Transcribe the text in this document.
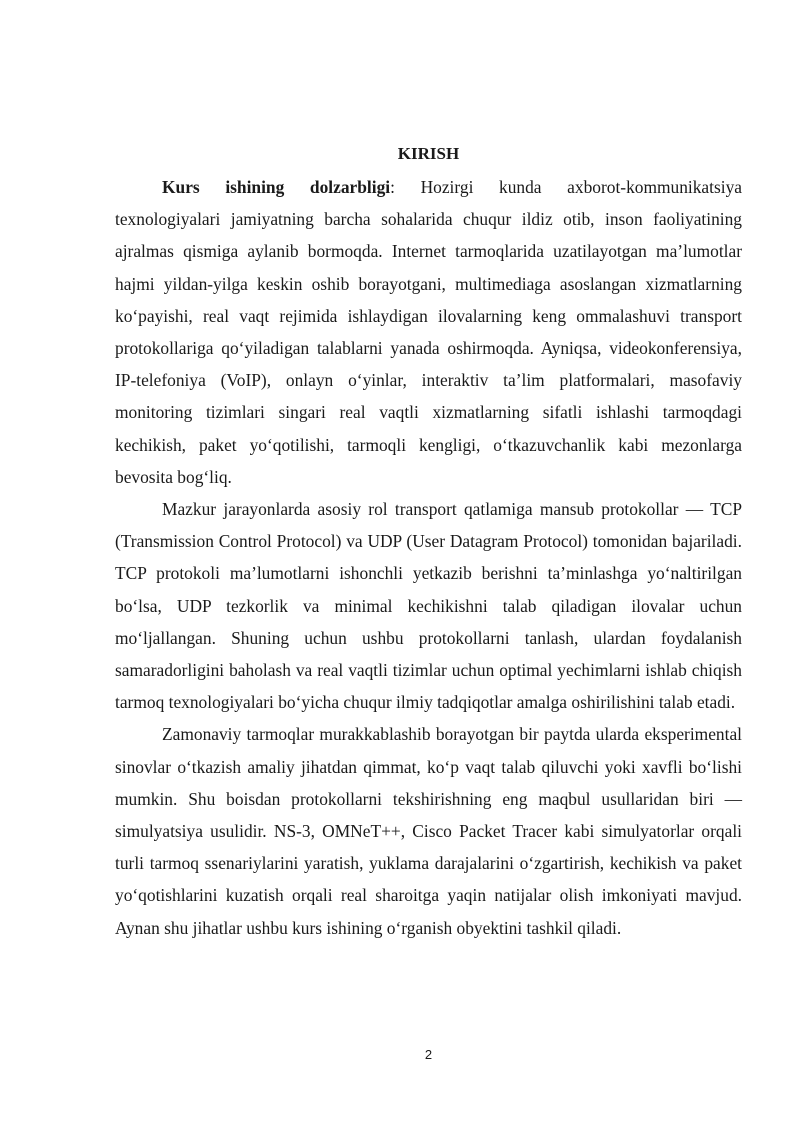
KIRISH

Kurs ishining dolzarbligi: Hozirgi kunda axborot-kommunikatsiya texnologiyalari jamiyatning barcha sohalarida chuqur ildiz otib, inson faoliyatining ajralmas qismiga aylanib bormoqda. Internet tarmoqlarida uzatilayotgan ma’lumotlar hajmi yildan-yilga keskin oshib borayotgani, multimediaga asoslangan xizmatlarning ko‘payishi, real vaqt rejimida ishlaydigan ilovalarning keng ommalashuvi transport protokollariga qo‘yiladigan talablarni yanada oshirmoqda. Ayniqsa, videokonferensiya, IP-telefoniya (VoIP), onlayn o‘yinlar, interaktiv ta’lim platformalari, masofaviy monitoring tizimlari singari real vaqtli xizmatlarning sifatli ishlashi tarmoqdagi kechikish, paket yo‘qotilishi, tarmoqli kengligi, o‘tkazuvchanlik kabi mezonlarga bevosita bog‘liq.

Mazkur jarayonlarda asosiy rol transport qatlamiga mansub protokollar — TCP (Transmission Control Protocol) va UDP (User Datagram Protocol) tomonidan bajariladi. TCP protokoli ma’lumotlarni ishonchli yetkazib berishni ta’minlashga yo‘naltirilgan bo‘lsa, UDP tezkorlik va minimal kechikishni talab qiladigan ilovalar uchun mo‘ljallangan. Shuning uchun ushbu protokollarni tanlash, ulardan foydalanish samaradorligini baholash va real vaqtli tizimlar uchun optimal yechimlarni ishlab chiqish tarmoq texnologiyalari bo‘yicha chuqur ilmiy tadqiqotlar amalga oshirilishini talab etadi.

Zamonaviy tarmoqlar murakkablashib borayotgan bir paytda ularda eksperimental sinovlar o‘tkazish amaliy jihatdan qimmat, ko‘p vaqt talab qiluvchi yoki xavfli bo‘lishi mumkin. Shu boisdan protokollarni tekshirishning eng maqbul usullaridan biri — simulyatsiya usulidir. NS-3, OMNeT++, Cisco Packet Tracer kabi simulyatorlar orqali turli tarmoq ssenariylarini yaratish, yuklama darajalarini o‘zgartirish, kechikish va paket yo‘qotishlarini kuzatish orqali real sharoitga yaqin natijalar olish imkoniyati mavjud. Aynan shu jihatlar ushbu kurs ishining o‘rganish obyektini tashkil qiladi.

2
